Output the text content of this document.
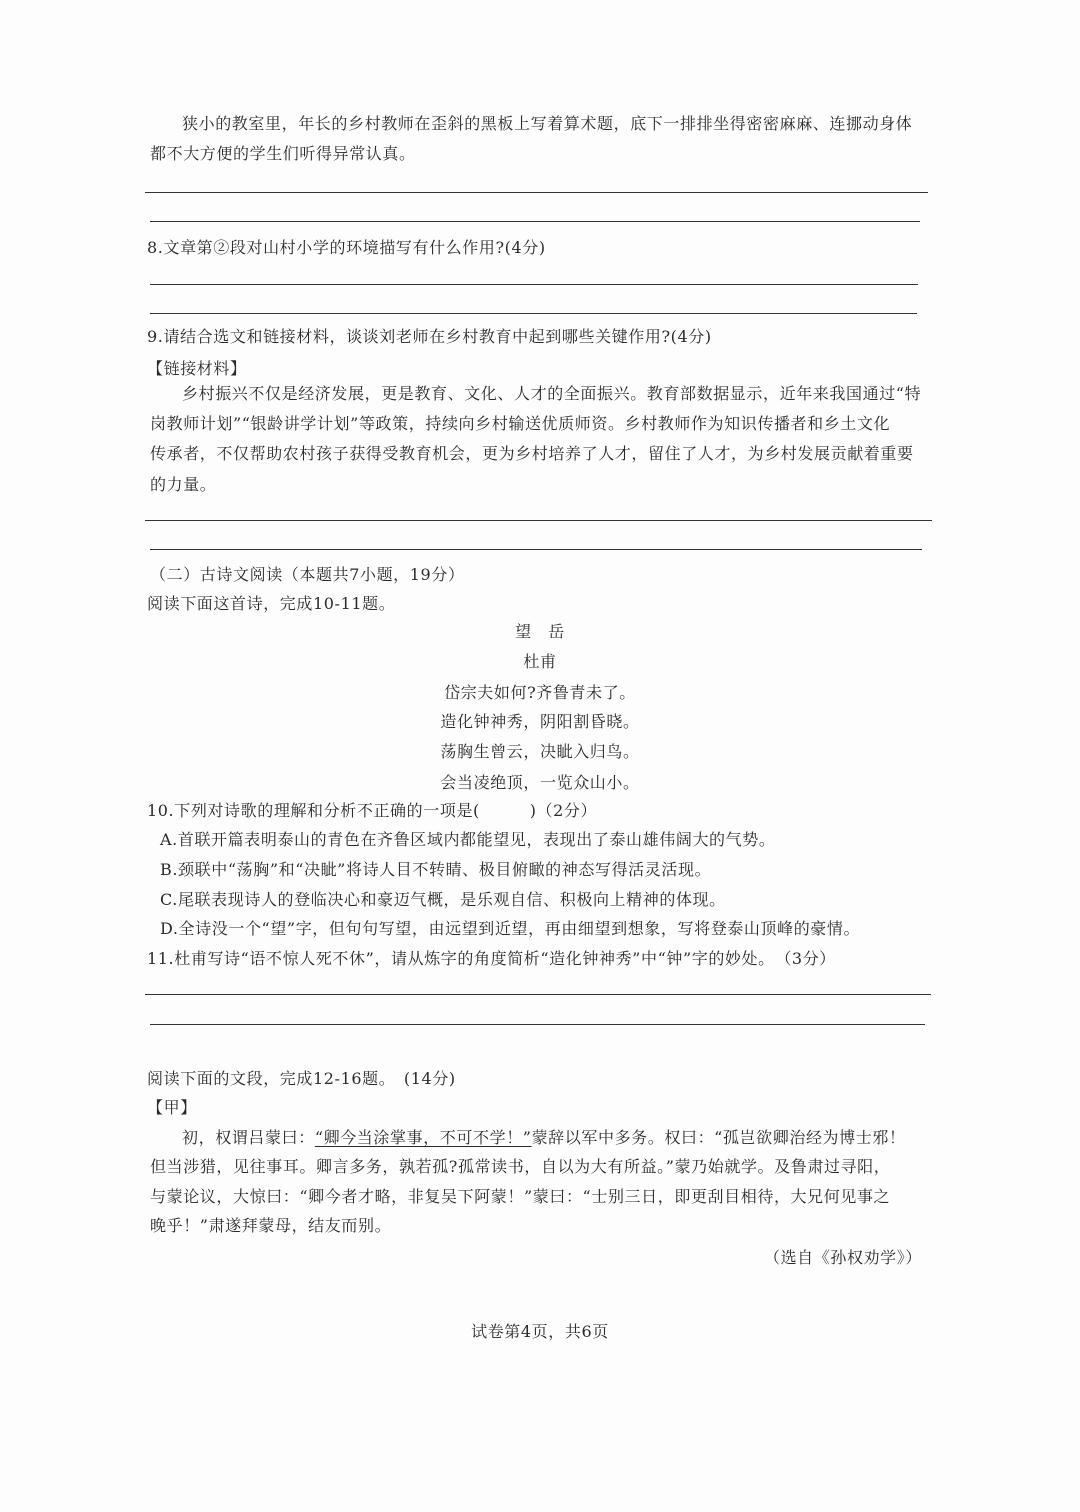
狭小的教室里，年长的乡村教师在歪斜的黑板上写着算术题，底下一排排坐得密密麻麻、连挪动身体
都不大方便的学生们听得异常认真。
8.文章第②段对山村小学的环境描写有什么作用?(4分)
9.请结合选文和链接材料，谈谈刘老师在乡村教育中起到哪些关键作用?(4分)
【链接材料】
乡村振兴不仅是经济发展，更是教育、文化、人才的全面振兴。教育部数据显示，近年来我国通过“特
岗教师计划”“银龄讲学计划”等政策，持续向乡村输送优质师资。乡村教师作为知识传播者和乡土文化
传承者，不仅帮助农村孩子获得受教育机会，更为乡村培养了人才，留住了人才，为乡村发展贡献着重要
的力量。
（二）古诗文阅读（本题共7小题，19分）
阅读下面这首诗，完成10-11题。
望　岳
杜甫
岱宗夫如何?齐鲁青未了。
造化钟神秀，阴阳割昏晓。
荡胸生曾云，决眦入归鸟。
会当凌绝顶，一览众山小。
10.下列对诗歌的理解和分析不正确的一项是(　　　)（2分）
A.首联开篇表明泰山的青色在齐鲁区域内都能望见，表现出了泰山雄伟阔大的气势。
B.颈联中“荡胸”和“决眦”将诗人目不转睛、极目俯瞰的神态写得活灵活现。
C.尾联表现诗人的登临决心和豪迈气概，是乐观自信、积极向上精神的体现。
D.全诗没一个“望”字，但句句写望，由远望到近望，再由细望到想象，写将登泰山顶峰的豪情。
11.杜甫写诗“语不惊人死不休”，请从炼字的角度简析“造化钟神秀”中“钟”字的妙处。　（3分）
阅读下面的文段，完成12-16题。　(14分)
【甲】
初，权谓吕蒙曰：“卿今当涂掌事，不可不学！”蒙辞以军中多务。权曰：“孤岂欲卿治经为博士邪！
但当涉猎，见往事耳。卿言多务，孰若孤?孤常读书，自以为大有所益。”蒙乃始就学。及鲁肃过寻阳，
与蒙论议，大惊曰：“卿今者才略，非复吴下阿蒙！”蒙曰：“士别三日，即更刮目相待，大兄何见事之
晚乎！”肃遂拜蒙母，结友而别。
（选自《孙权劝学》）
试卷第4页，共6页
